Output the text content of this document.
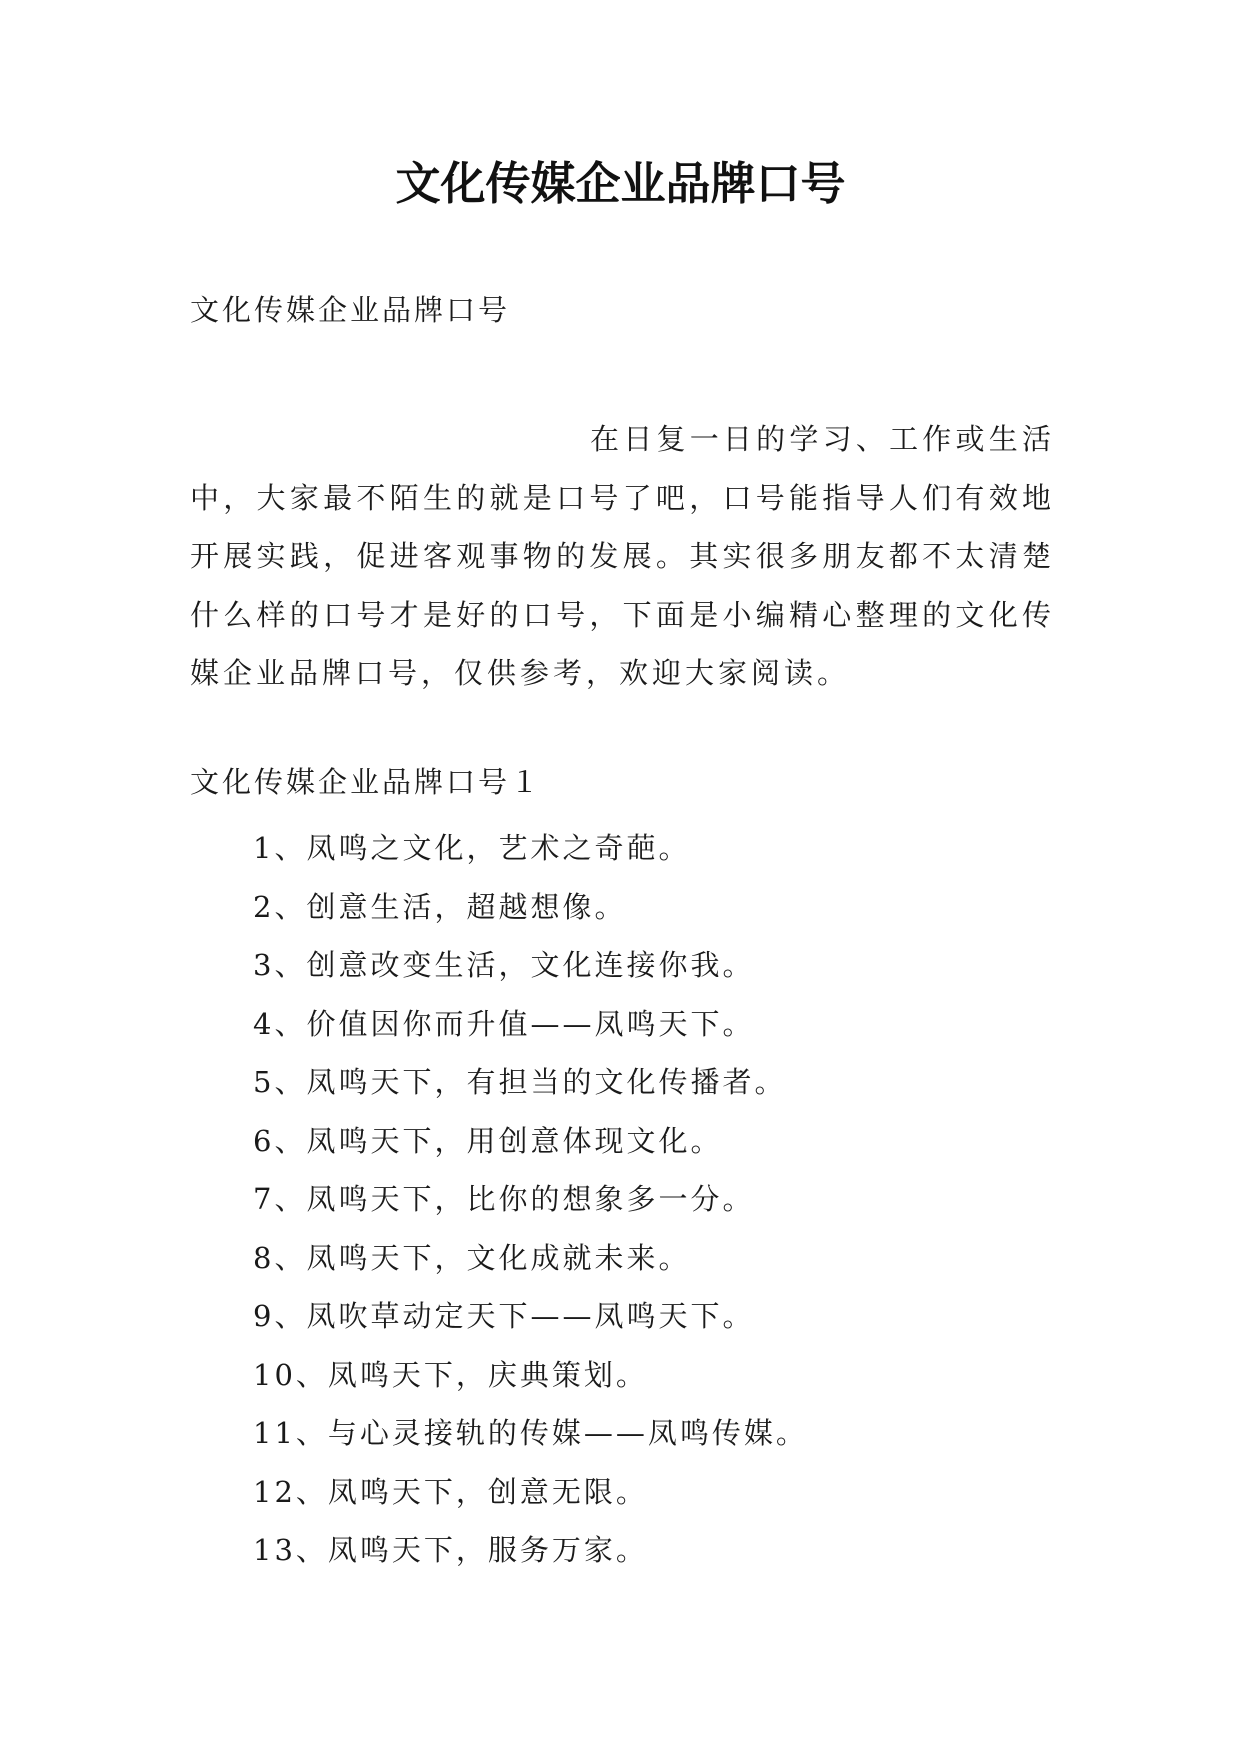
文化传媒企业品牌口号

文化传媒企业品牌口号

在日复一日的学习、工作或生活中，大家最不陌生的就是口号了吧，口号能指导人们有效地开展实践，促进客观事物的发展。其实很多朋友都不太清楚什么样的口号才是好的口号，下面是小编精心整理的文化传媒企业品牌口号，仅供参考，欢迎大家阅读。

文化传媒企业品牌口号１

1、凤鸣之文化，艺术之奇葩。
2、创意生活，超越想像。
3、创意改变生活，文化连接你我。
4、价值因你而升值——凤鸣天下。
5、凤鸣天下，有担当的文化传播者。
6、凤鸣天下，用创意体现文化。
7、凤鸣天下，比你的想象多一分。
8、凤鸣天下，文化成就未来。
9、凤吹草动定天下——凤鸣天下。
10、凤鸣天下，庆典策划。
11、与心灵接轨的传媒——凤鸣传媒。
12、凤鸣天下，创意无限。
13、凤鸣天下，服务万家。
